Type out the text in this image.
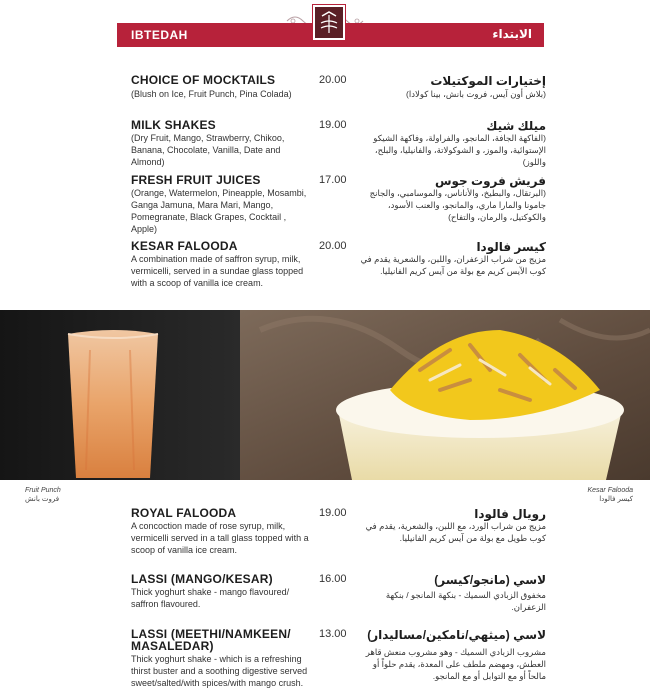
IBTEDAH	الابتداء
CHOICE OF MOCKTAILS
(Blush on Ice, Fruit Punch, Pina Colada)
20.00	إختيارات الموكتيلات
(بلاش أون آيس، فروت بانش، بينا كولادا)
MILK SHAKES
(Dry Fruit, Mango, Strawberry, Chikoo, Banana, Chocolate, Vanilla, Date and Almond)
19.00	ميلك شيك
(الفاكهة الجافة، المانجو، والفراولة، وفاكهة الشيكو الإستوائية، والموز، و الشوكولاتة، والفانيليا، والبلح، واللوز)
FRESH FRUIT JUICES
(Orange, Watermelon, Pineapple, Mosambi, Ganga Jamuna, Mara Mari, Mango, Pomegranate, Black Grapes, Cocktail , Apple)
17.00	فريش فروت جوس
(البرتقال، والبطيخ، والأناناس، والموسامبي، والجانج جامونا والمارا ماري، والمانجو، والعنب الأسود، والكوكتيل، والرمان، والتفاح)
KESAR FALOODA
A combination made of saffron syrup, milk, vermicelli, served in a sundae glass topped with a scoop of vanilla ice cream.
20.00	كيسر فالودا
مزيج من شراب الزعفران، واللبن، والشعرية يقدم في كوب الآيس كريم مع بولة من آيس كريم الفانيليا.
Fruit Punch
فروت بانش
Kesar Falooda
كيسر فالودا
ROYAL FALOODA
A concoction made of rose syrup, milk, vermicelli served in a tall glass topped with a scoop of vanilla ice cream.
19.00	رويال فالودا
مزيج من شراب الورد، مع اللبن، والشعرية، يقدم في كوب طويل مع بولة من آيس كريم الفانيليا.
LASSI (MANGO/KESAR)
Thick yoghurt shake - mango flavoured/ saffron flavoured.
16.00	لاسي (مانجو/كيسر)
مخفوق الزبادي السميك - بنكهة المانجو / بنكهة الزعفران.
LASSI (MEETHI/NAMKEEN/ MASALEDAR)
Thick yoghurt shake - which is a refreshing thirst buster and a soothing digestive served sweet/salted/with spices/with mango crush.
13.00 لاسي (ميثهي/نامكين/مساليدار)
مشروب الزبادي السميك - وهو مشروب منعش قاهر العطش، ومهضم ملطف على المعدة، يقدم حلواً أو مالحاً أو مع التوابل أو مع المانجو.
